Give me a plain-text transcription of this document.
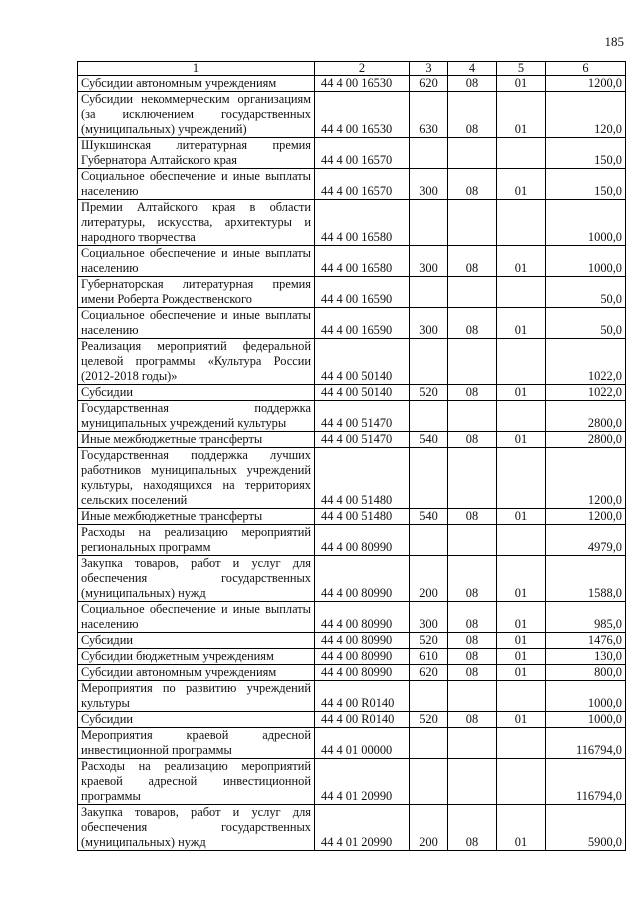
185
1	2	3	4	5	6
Субсидии автономным учреждениям	44 4 00 16530	620	08	01	1200,0
Субсидии некоммерческим организациям (за исключением государственных (муниципальных) учреждений)	44 4 00 16530	630	08	01	120,0
Шукшинская литературная премия Губернатора Алтайского края	44 4 00 16570				150,0
Социальное обеспечение и иные выплаты населению	44 4 00 16570	300	08	01	150,0
Премии Алтайского края в области литературы, искусства, архитектуры и народного творчества	44 4 00 16580				1000,0
Социальное обеспечение и иные выплаты населению	44 4 00 16580	300	08	01	1000,0
Губернаторская литературная премия имени Роберта Рождественского	44 4 00 16590				50,0
Социальное обеспечение и иные выплаты населению	44 4 00 16590	300	08	01	50,0
Реализация мероприятий федеральной целевой программы «Культура России (2012-2018 годы)»	44 4 00 50140				1022,0
Субсидии	44 4 00 50140	520	08	01	1022,0
Государственная поддержка муниципальных учреждений культуры	44 4 00 51470				2800,0
Иные межбюджетные трансферты	44 4 00 51470	540	08	01	2800,0
Государственная поддержка лучших работников муниципальных учреждений культуры, находящихся на территориях сельских поселений	44 4 00 51480				1200,0
Иные межбюджетные трансферты	44 4 00 51480	540	08	01	1200,0
Расходы на реализацию мероприятий региональных программ	44 4 00 80990				4979,0
Закупка товаров, работ и услуг для обеспечения государственных (муниципальных) нужд	44 4 00 80990	200	08	01	1588,0
Социальное обеспечение и иные выплаты населению	44 4 00 80990	300	08	01	985,0
Субсидии	44 4 00 80990	520	08	01	1476,0
Субсидии бюджетным учреждениям	44 4 00 80990	610	08	01	130,0
Субсидии автономным учреждениям	44 4 00 80990	620	08	01	800,0
Мероприятия по развитию учреждений культуры	44 4 00 R0140				1000,0
Субсидии	44 4 00 R0140	520	08	01	1000,0
Мероприятия краевой адресной инвестиционной программы	44 4 01 00000				116794,0
Расходы на реализацию мероприятий краевой адресной инвестиционной программы	44 4 01 20990				116794,0
Закупка товаров, работ и услуг для обеспечения государственных (муниципальных) нужд	44 4 01 20990	200	08	01	5900,0
